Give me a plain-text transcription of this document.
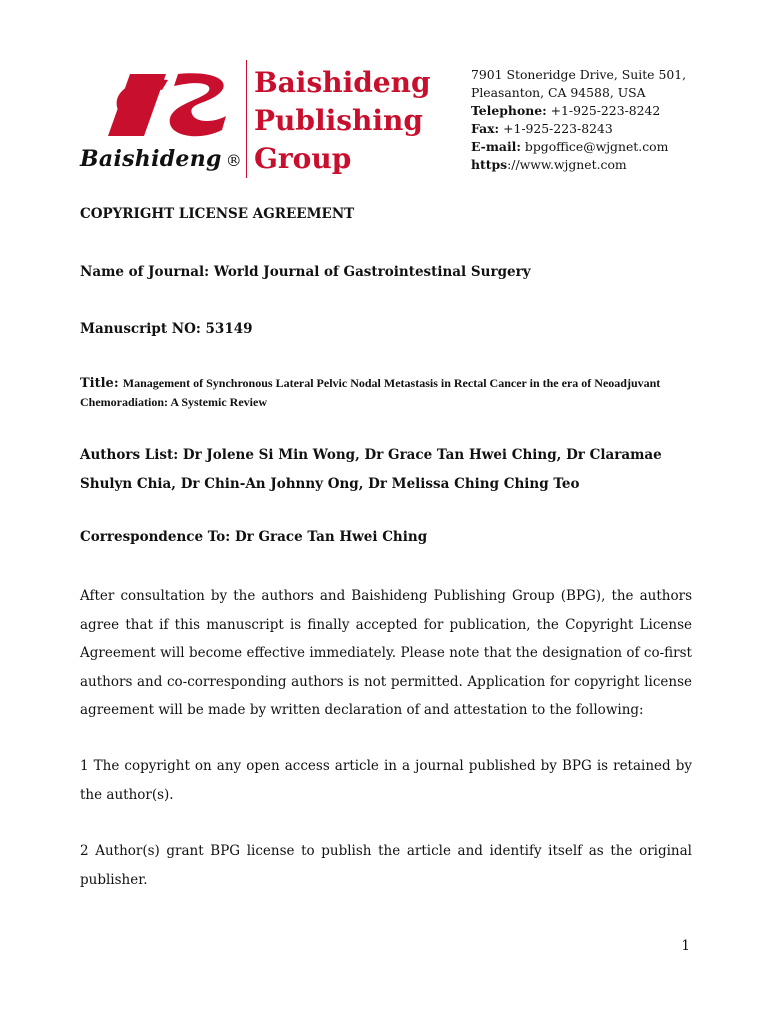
Baishideng ®
Baishideng
Publishing
Group
7901 Stoneridge Drive, Suite 501,
Pleasanton, CA 94588, USA
Telephone: +1-925-223-8242
Fax: +1-925-223-8243
E-mail: bpgoffice@wjgnet.com
https://www.wjgnet.com
COPYRIGHT LICENSE AGREEMENT
Name of Journal: World Journal of Gastrointestinal Surgery
Manuscript NO: 53149
Title: Management of Synchronous Lateral Pelvic Nodal Metastasis in Rectal Cancer in the era of Neoadjuvant Chemoradiation: A Systemic Review
Authors List: Dr Jolene Si Min Wong, Dr Grace Tan Hwei Ching, Dr Claramae Shulyn Chia, Dr Chin-An Johnny Ong, Dr Melissa Ching Ching Teo
Correspondence To: Dr Grace Tan Hwei Ching
After consultation by the authors and Baishideng Publishing Group (BPG), the authors agree that if this manuscript is finally accepted for publication, the Copyright License Agreement will become effective immediately. Please note that the designation of co-first authors and co-corresponding authors is not permitted. Application for copyright license agreement will be made by written declaration of and attestation to the following:
1 The copyright on any open access article in a journal published by BPG is retained by the author(s).
2 Author(s) grant BPG license to publish the article and identify itself as the original publisher.
1
